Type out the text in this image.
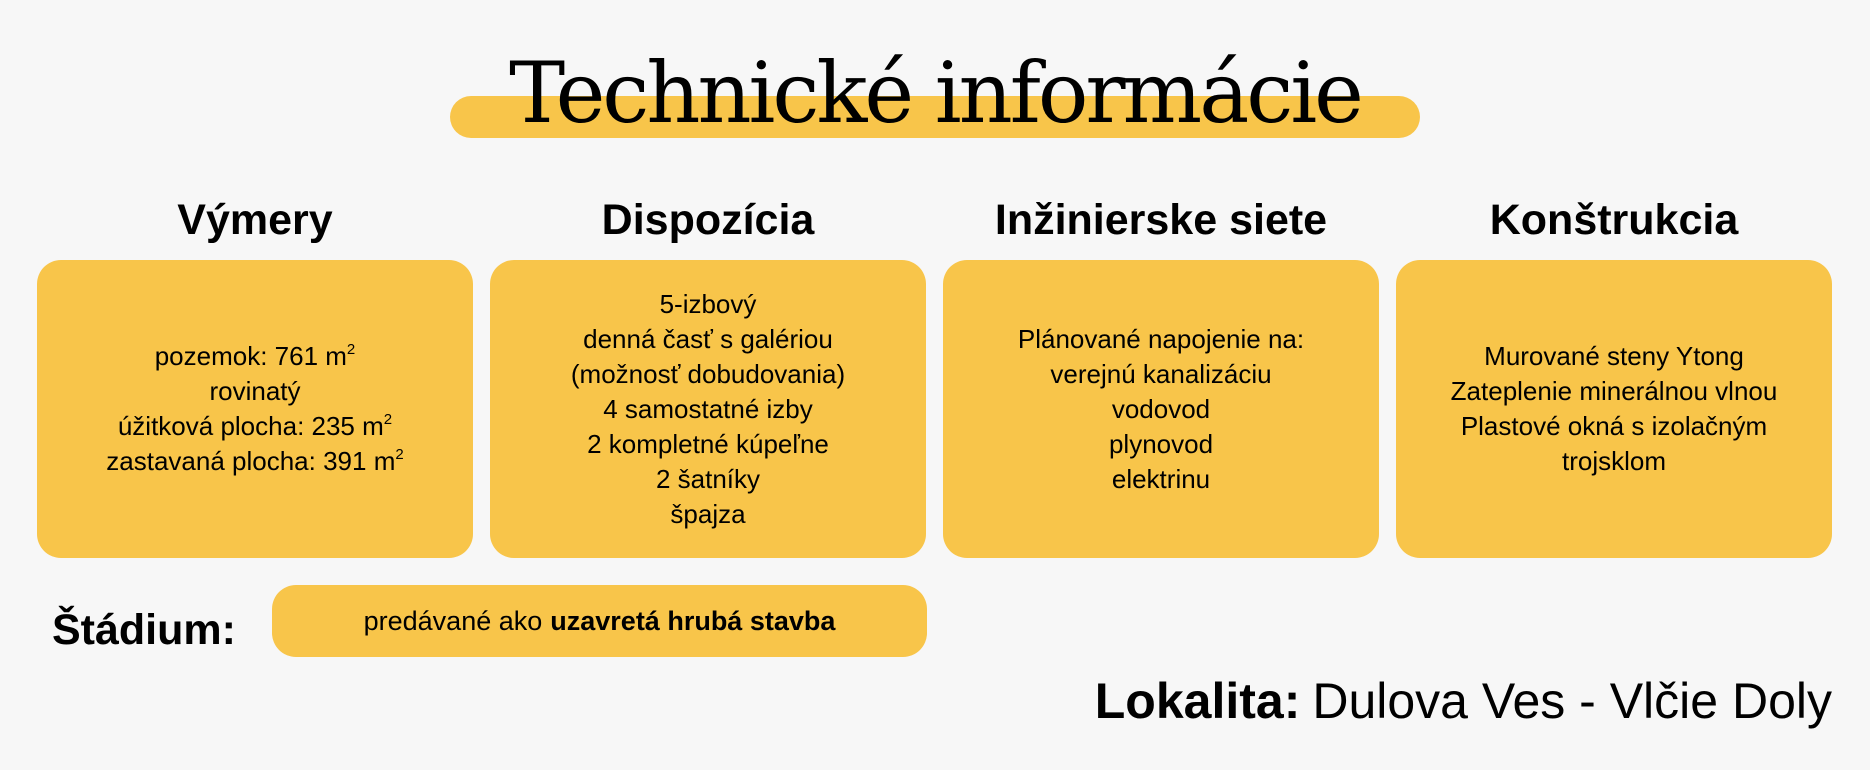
Technické informácie
Výmery	Dispozícia	Inžinierske siete	Konštrukcia
pozemok: 761 $m^2$
rovinatý
úžitková plocha: 235 $m^2$
zastavaná plocha: 391 $m^2$
5-izbový
denná časť s galériou
(možnosť dobudovania)
4 samostatné izby
2 kompletné kúpeľne
2 šatníky
špajza
Plánované napojenie na:
verejnú kanalizáciu
vodovod
plynovod
elektrinu
Murované steny Ytong
Zateplenie minerálnou vlnou
Plastové okná s izolačným
trojsklom
Štádium:	predávané ako uzavretá hrubá stavba
Lokalita: Dulova Ves - Vlčie Doly
